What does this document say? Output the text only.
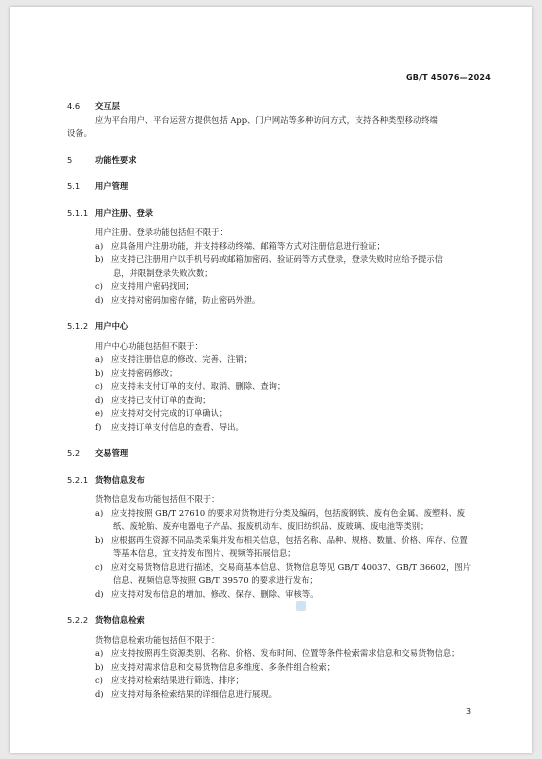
GB/T 45076—2024
4.6 交互层
应为平台用户、平台运营方提供包括 App、门户网站等多种访问方式，支持各种类型移动终端
设备。
5	功能性要求
5.1 用户管理
5.1.1 用户注册、登录
用户注册、登录功能包括但不限于：
a) 应具备用户注册功能，并支持移动终端、邮箱等方式对注册信息进行验证；
b) 应支持已注册用户以手机号码或邮箱加密码、验证码等方式登录，登录失败时应给予提示信
息，并限制登录失败次数；
c) 应支持用户密码找回；
d) 应支持对密码加密存储，防止密码外泄。
5.1.2 用户中心
用户中心功能包括但不限于：
a) 应支持注册信息的修改、完善、注销；
b) 应支持密码修改；
c) 应支持未支付订单的支付、取消、删除、查询；
d) 应支持已支付订单的查询；
e) 应支持对交付完成的订单确认；
f) 应支持订单支付信息的查看、导出。
5.2 交易管理
5.2.1 货物信息发布
货物信息发布功能包括但不限于：
a) 应支持按照 GB/T 27610 的要求对货物进行分类及编码，包括废钢铁、废有色金属、废塑料、废
纸、废轮胎、废弃电器电子产品、报废机动车、废旧纺织品、废玻璃、废电池等类别；
b) 应根据再生资源不同品类采集并发布相关信息，包括名称、品种、规格、数量、价格、库存、位置
等基本信息，宜支持发布图片、视频等拓展信息；
c) 应对交易货物信息进行描述，交易商基本信息、货物信息等见 GB/T 40037、GB/T 36602，图片
信息、视频信息等按照 GB/T 39570 的要求进行发布；
d) 应支持对发布信息的增加、修改、保存、删除、审核等。
5.2.2 货物信息检索
货物信息检索功能包括但不限于：
a) 应支持按照再生资源类别、名称、价格、发布时间、位置等条件检索需求信息和交易货物信息；
b) 应支持对需求信息和交易货物信息多维度、多条件组合检索；
c) 应支持对检索结果进行筛选、排序；
d) 应支持对每条检索结果的详细信息进行展现。
3
